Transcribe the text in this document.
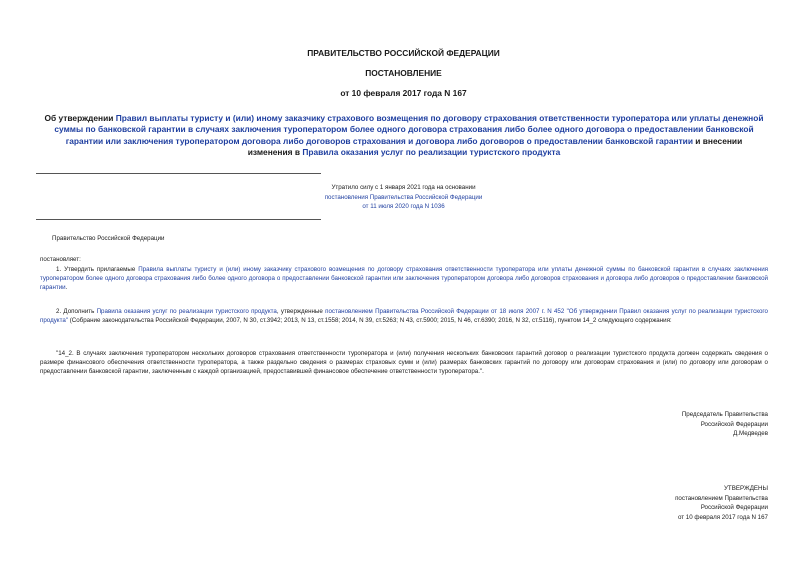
ПРАВИТЕЛЬСТВО РОССИЙСКОЙ ФЕДЕРАЦИИ
ПОСТАНОВЛЕНИЕ
от 10 февраля 2017 года N 167
Об утверждении Правил выплаты туристу и (или) иному заказчику страхового возмещения по договору страхования ответственности туроператора или уплаты денежной суммы по банковской гарантии в случаях заключения туроператором более одного договора страхования либо более одного договора о предоставлении банковской гарантии или заключения туроператором договора либо договоров страхования и договора либо договоров о предоставлении банковской гарантии и внесении изменения в Правила оказания услуг по реализации туристского продукта
Утратило силу с 1 января 2021 года на основании
постановления Правительства Российской Федерации
от 11 июля 2020 года N 1036
Правительство Российской Федерации
постановляет:
1. Утвердить прилагаемые Правила выплаты туристу и (или) иному заказчику страхового возмещения по договору страхования ответственности туроператора или уплаты денежной суммы по банковской гарантии в случаях заключения туроператором более одного договора страхования либо более одного договора о предоставлении банковской гарантии или заключения туроператором договора либо договоров страхования и договора либо договоров о предоставлении банковской гарантии.
2. Дополнить Правила оказания услуг по реализации туристского продукта, утвержденные постановлением Правительства Российской Федерации от 18 июля 2007 г. N 452 "Об утверждении Правил оказания услуг по реализации туристского продукта" (Собрание законодательства Российской Федерации, 2007, N 30, ст.3942; 2013, N 13, ст.1558; 2014, N 39, ст.5263; N 43, ст.5900; 2015, N 46, ст.6390; 2016, N 32, ст.5116), пунктом 14_2 следующего содержания:
"14_2. В случаях заключения туроператором нескольких договоров страхования ответственности туроператора и (или) получения нескольких банковских гарантий договор о реализации туристского продукта должен содержать сведения о размере финансового обеспечения ответственности туроператора, а также раздельно сведения о размерах страховых сумм и (или) размерах банковских гарантий по договору или договорам страхования и (или) по договору или договорам о предоставлении банковской гарантии, заключенным с каждой организацией, предоставившей финансовое обеспечение ответственности туроператора.".
Председатель Правительства
Российской Федерации
Д.Медведев
УТВЕРЖДЕНЫ
постановлением Правительства
Российской Федерации
от 10 февраля 2017 года N 167
